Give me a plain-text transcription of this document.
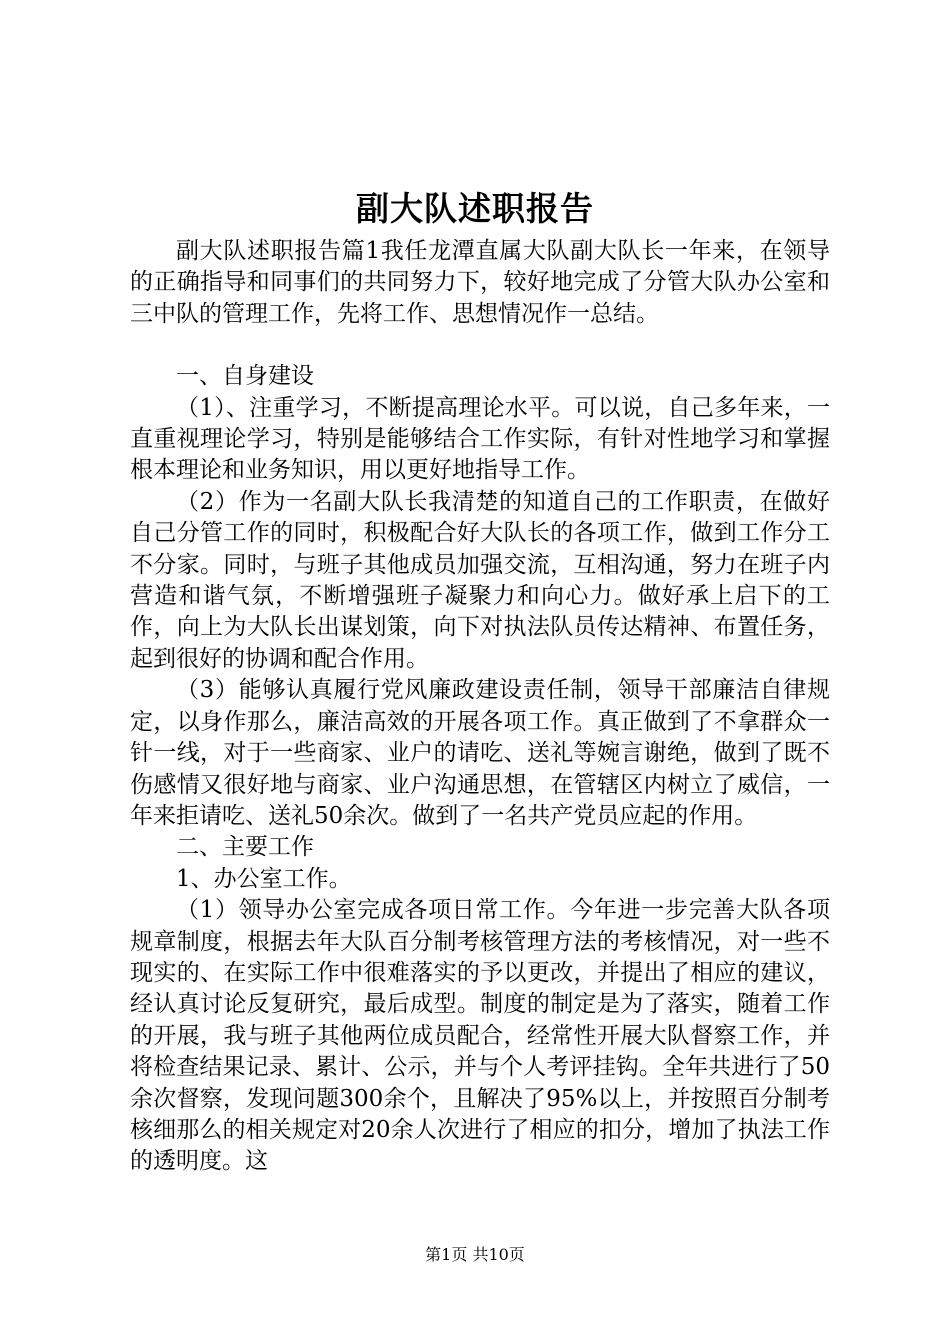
副大队述职报告

副大队述职报告篇1我任龙潭直属大队副大队长一年来，在领导的正确指导和同事们的共同努力下，较好地完成了分管大队办公室和三中队的管理工作，先将工作、思想情况作一总结。

一、自身建设

（1）、注重学习，不断提高理论水平。可以说，自己多年来，一直重视理论学习，特别是能够结合工作实际，有针对性地学习和掌握根本理论和业务知识，用以更好地指导工作。

（2）作为一名副大队长我清楚的知道自己的工作职责，在做好自己分管工作的同时，积极配合好大队长的各项工作，做到工作分工不分家。同时，与班子其他成员加强交流，互相沟通，努力在班子内营造和谐气氛，不断增强班子凝聚力和向心力。做好承上启下的工作，向上为大队长出谋划策，向下对执法队员传达精神、布置任务，起到很好的协调和配合作用。

（3）能够认真履行党风廉政建设责任制，领导干部廉洁自律规定，以身作那么，廉洁高效的开展各项工作。真正做到了不拿群众一针一线，对于一些商家、业户的请吃、送礼等婉言谢绝，做到了既不伤感情又很好地与商家、业户沟通思想，在管辖区内树立了威信，一年来拒请吃、送礼50余次。做到了一名共产党员应起的作用。

二、主要工作

1、办公室工作。

（1）领导办公室完成各项日常工作。今年进一步完善大队各项规章制度，根据去年大队百分制考核管理方法的考核情况，对一些不现实的、在实际工作中很难落实的予以更改，并提出了相应的建议，经认真讨论反复研究，最后成型。制度的制定是为了落实，随着工作的开展，我与班子其他两位成员配合，经常性开展大队督察工作，并将检查结果记录、累计、公示，并与个人考评挂钩。全年共进行了50余次督察，发现问题300余个，且解决了95%以上，并按照百分制考核细那么的相关规定对20余人次进行了相应的扣分，增加了执法工作的透明度。这

第1页 共10页
